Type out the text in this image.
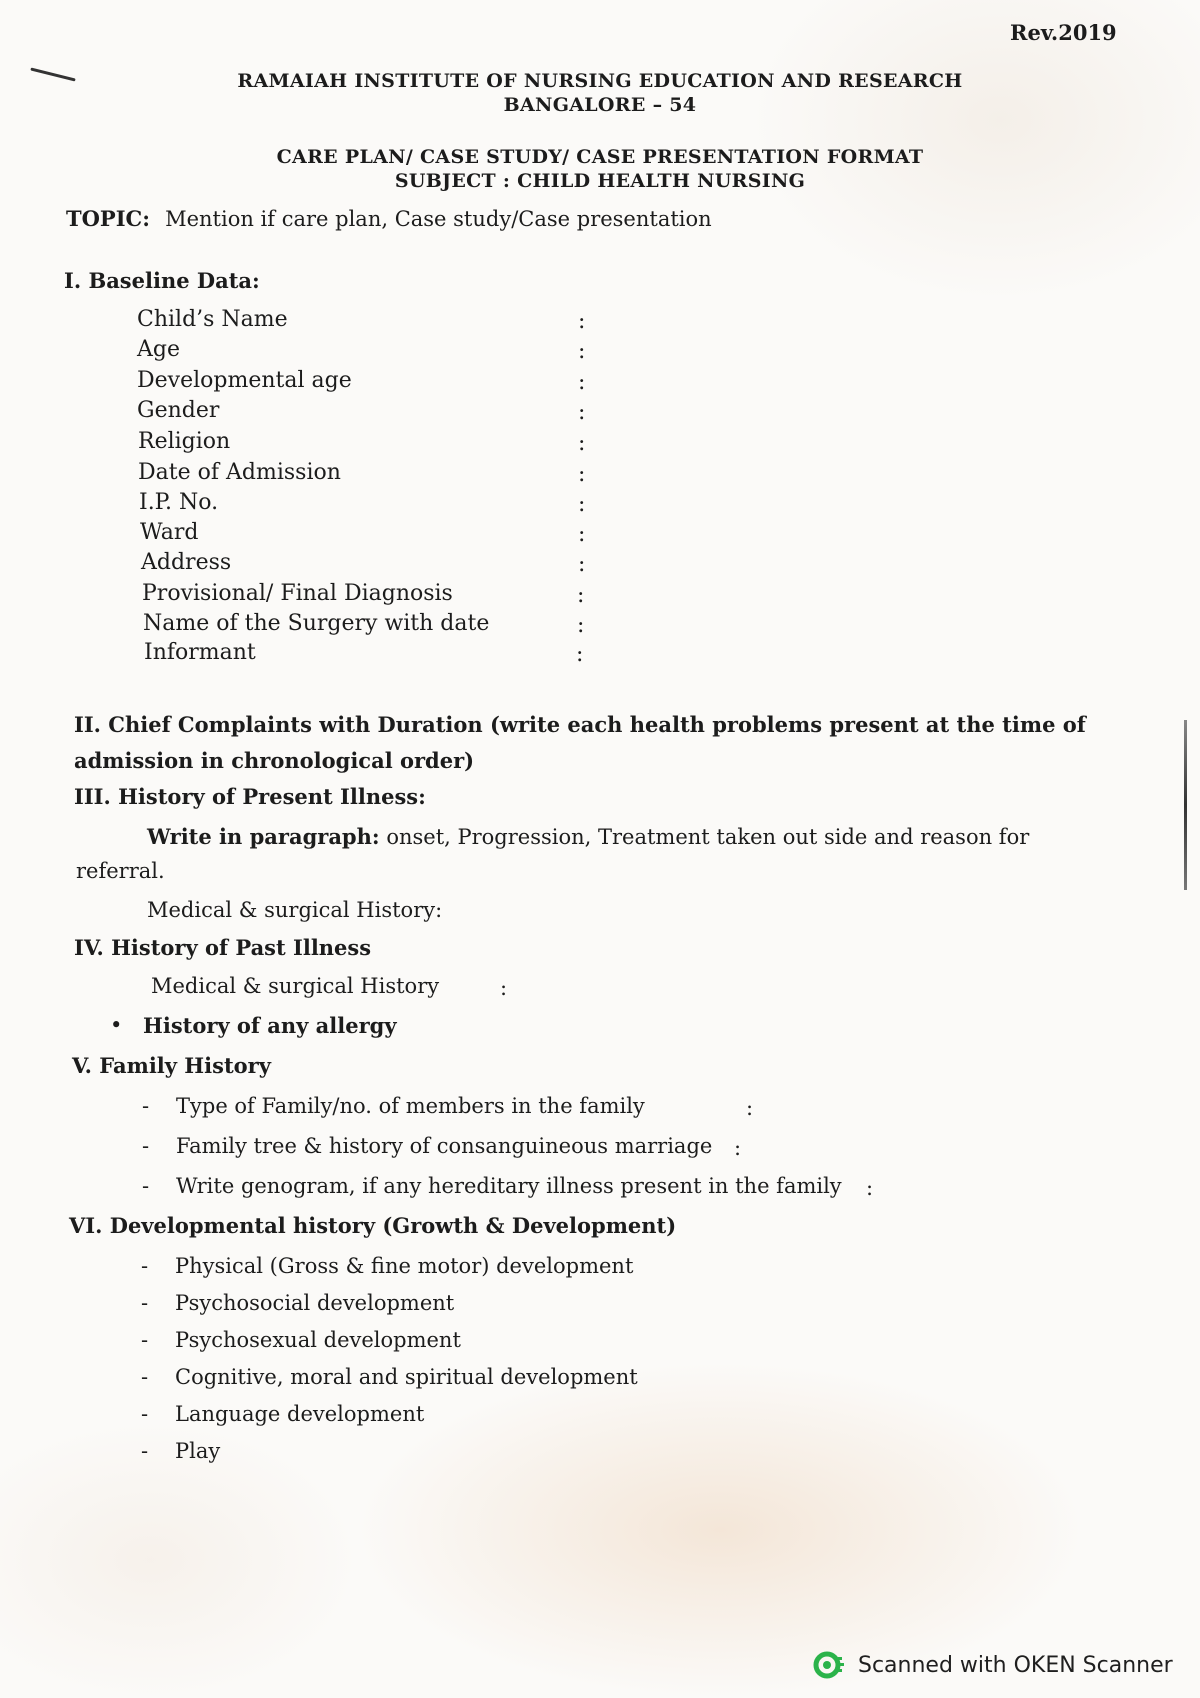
Rev.2019
RAMAIAH INSTITUTE OF NURSING EDUCATION AND RESEARCH
BANGALORE – 54
CARE PLAN/ CASE STUDY/ CASE PRESENTATION FORMAT
SUBJECT : CHILD HEALTH NURSING
TOPIC: Mention if care plan, Case study/Case presentation
I. Baseline Data:
Child’s Name	:
Age	:
Developmental age	:
Gender	:
Religion	:
Date of Admission	:
I.P. No.	:
Ward	:
Address	:
Provisional/ Final Diagnosis	:
Name of the Surgery with date	:
Informant	:
II. Chief Complaints with Duration (write each health problems present at the time of
admission in chronological order)
III. History of Present Illness:
Write in paragraph: onset, Progression, Treatment taken out side and reason for
referral.
Medical & surgical History:
IV. History of Past Illness
Medical & surgical History	:
• History of any allergy
V. Family History
- Type of Family/no. of members in the family	:
- Family tree & history of consanguineous marriage :
- Write genogram, if any hereditary illness present in the family :
VI. Developmental history (Growth & Development)
- Physical (Gross & fine motor) development
- Psychosocial development
- Psychosexual development
- Cognitive, moral and spiritual development
- Language development
- Play
Scanned with OKEN Scanner
